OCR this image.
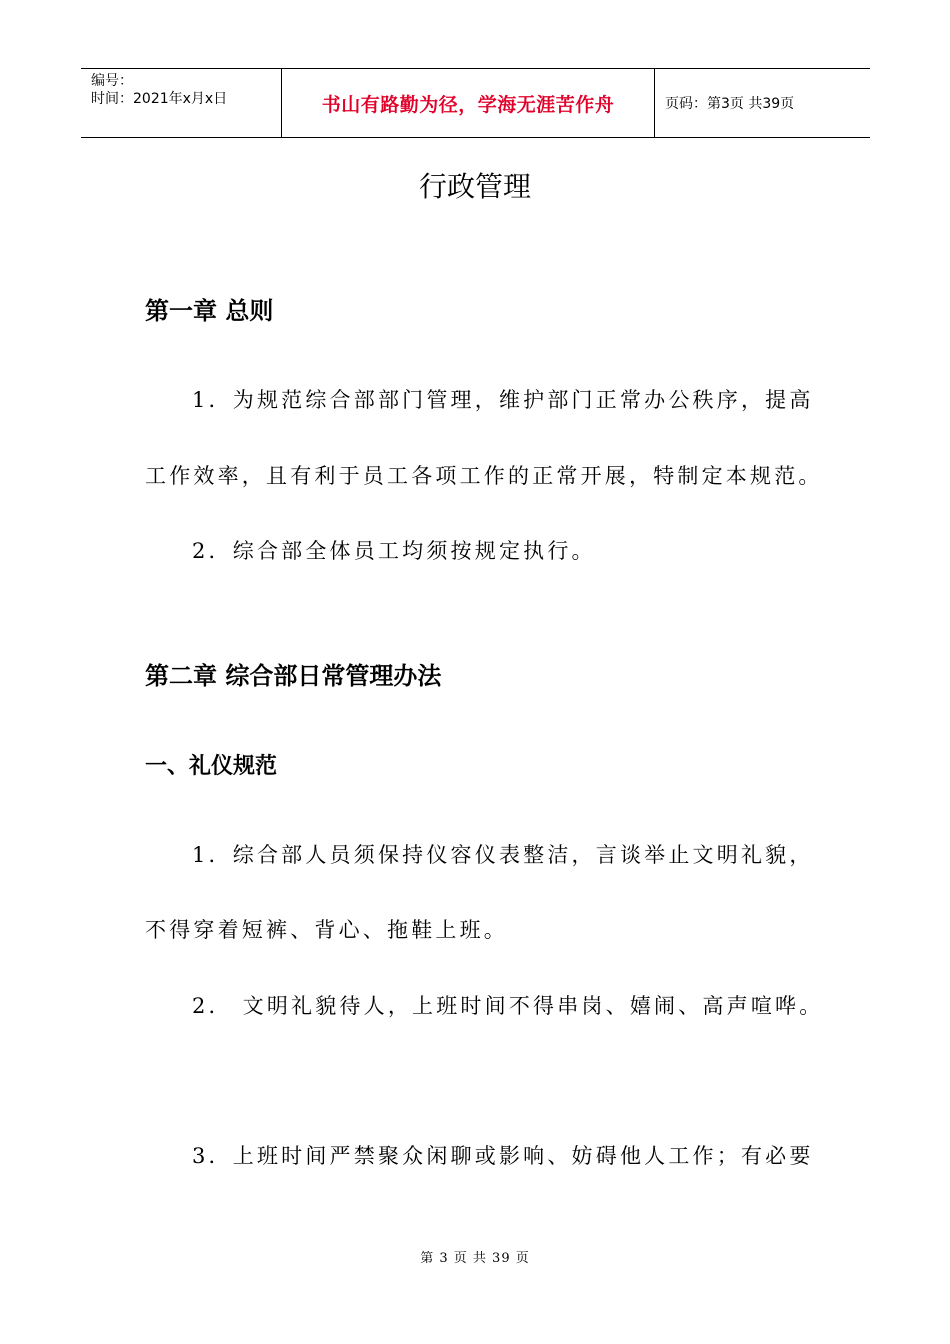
编号：
时间：2021年x月x日	书山有路勤为径，学海无涯苦作舟	页码：第3页 共39页
行政管理
第一章 总则
1．为规范综合部部门管理，维护部门正常办公秩序，提高
工作效率，且有利于员工各项工作的正常开展，特制定本规范。
2．综合部全体员工均须按规定执行。
第二章 综合部日常管理办法
一、礼仪规范
1．综合部人员须保持仪容仪表整洁，言谈举止文明礼貌，
不得穿着短裤、背心、拖鞋上班。
2． 文明礼貌待人，上班时间不得串岗、嬉闹、高声喧哗。
3．上班时间严禁聚众闲聊或影响、妨碍他人工作；有必要
第 3 页 共 39 页
